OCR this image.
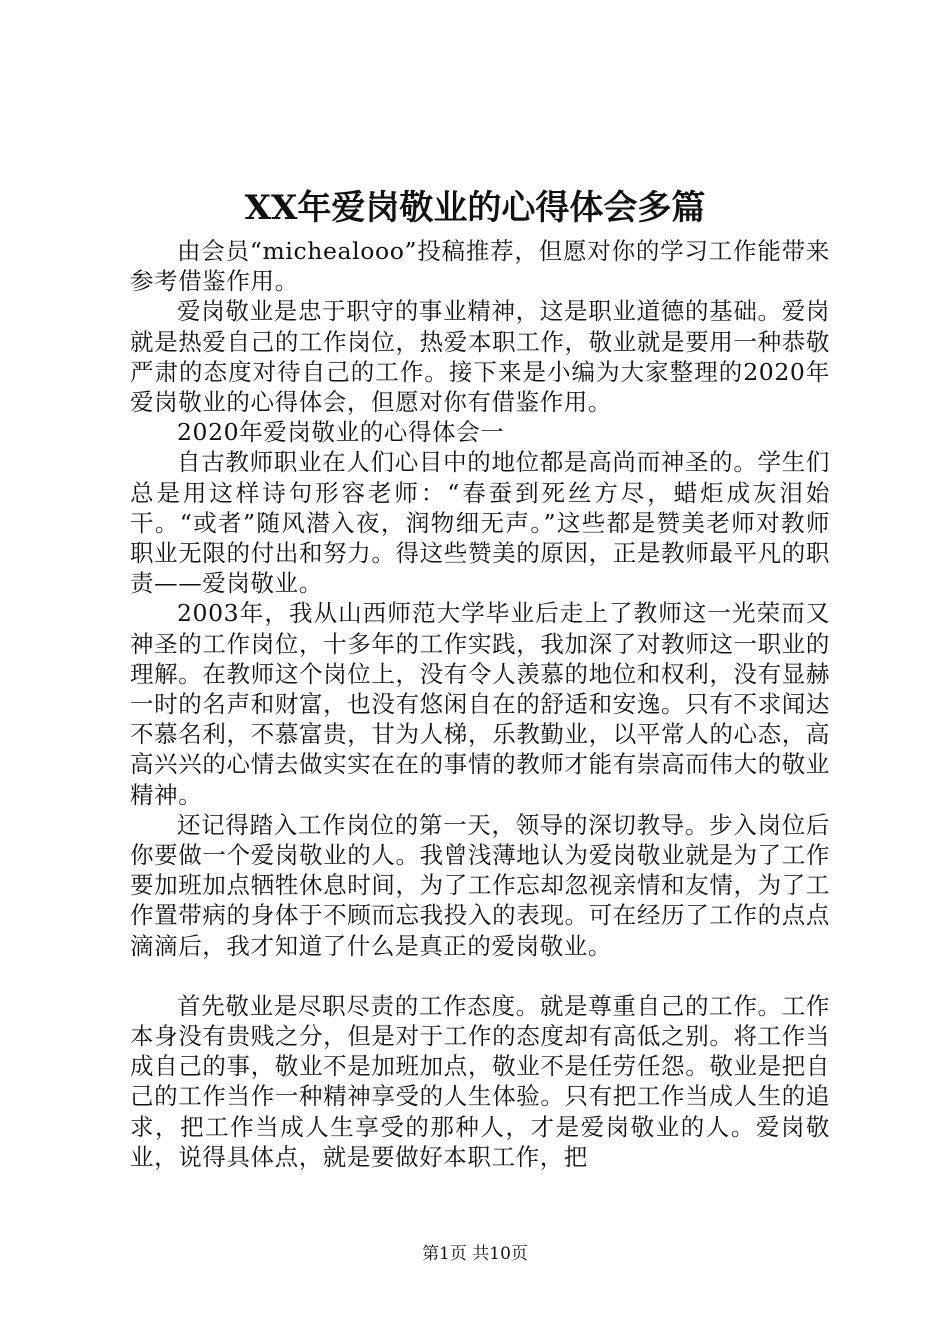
XX年爱岗敬业的心得体会多篇

由会员“michealooo”投稿推荐，但愿对你的学习工作能带来参考借鉴作用。

爱岗敬业是忠于职守的事业精神，这是职业道德的基础。爱岗就是热爱自己的工作岗位，热爱本职工作，敬业就是要用一种恭敬严肃的态度对待自己的工作。接下来是小编为大家整理的2020年爱岗敬业的心得体会，但愿对你有借鉴作用。

2020年爱岗敬业的心得体会一

自古教师职业在人们心目中的地位都是高尚而神圣的。学生们总是用这样诗句形容老师：“春蚕到死丝方尽，蜡炬成灰泪始干。“或者”随风潜入夜，润物细无声。”这些都是赞美老师对教师职业无限的付出和努力。得这些赞美的原因，正是教师最平凡的职责——爱岗敬业。

2003年，我从山西师范大学毕业后走上了教师这一光荣而又神圣的工作岗位，十多年的工作实践，我加深了对教师这一职业的理解。在教师这个岗位上，没有令人羡慕的地位和权利，没有显赫一时的名声和财富，也没有悠闲自在的舒适和安逸。只有不求闻达不慕名利，不慕富贵，甘为人梯，乐教勤业，以平常人的心态，高高兴兴的心情去做实实在在的事情的教师才能有崇高而伟大的敬业精神。

还记得踏入工作岗位的第一天，领导的深切教导。步入岗位后你要做一个爱岗敬业的人。我曾浅薄地认为爱岗敬业就是为了工作要加班加点牺牲休息时间，为了工作忘却忽视亲情和友情，为了工作置带病的身体于不顾而忘我投入的表现。可在经历了工作的点点滴滴后，我才知道了什么是真正的爱岗敬业。

首先敬业是尽职尽责的工作态度。就是尊重自己的工作。工作本身没有贵贱之分，但是对于工作的态度却有高低之别。将工作当成自己的事，敬业不是加班加点，敬业不是任劳任怨。敬业是把自己的工作当作一种精神享受的人生体验。只有把工作当成人生的追求，把工作当成人生享受的那种人，才是爱岗敬业的人。爱岗敬业，说得具体点，就是要做好本职工作，把

第1页 共10页
